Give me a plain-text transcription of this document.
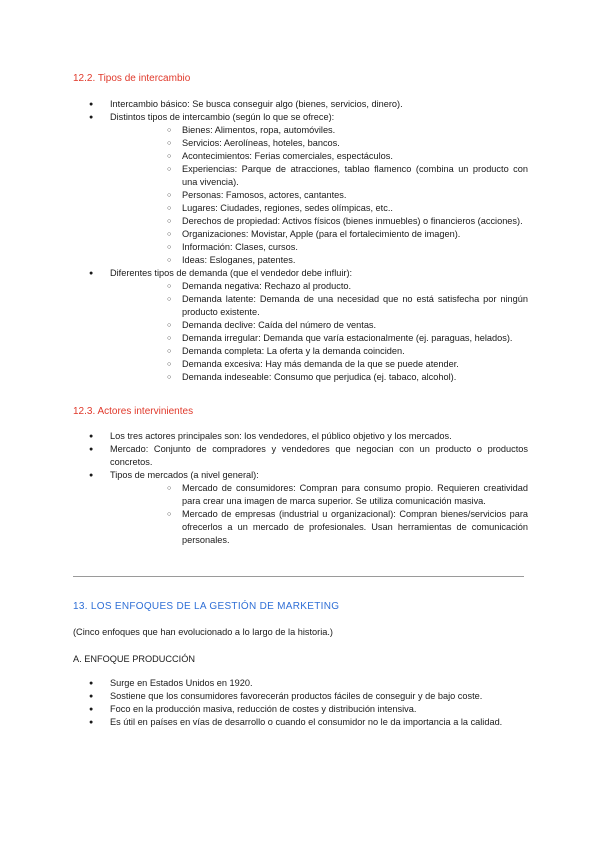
12.2. Tipos de intercambio
● Intercambio básico: Se busca conseguir algo (bienes, servicios, dinero).
● Distintos tipos de intercambio (según lo que se ofrece):
○ Bienes: Alimentos, ropa, automóviles.
○ Servicios: Aerolíneas, hoteles, bancos.
○ Acontecimientos: Ferias comerciales, espectáculos.
○ Experiencias: Parque de atracciones, tablao flamenco (combina un producto con una vivencia).
○ Personas: Famosos, actores, cantantes.
○ Lugares: Ciudades, regiones, sedes olímpicas, etc..
○ Derechos de propiedad: Activos físicos (bienes inmuebles) o financieros (acciones).
○ Organizaciones: Movistar, Apple (para el fortalecimiento de imagen).
○ Información: Clases, cursos.
○ Ideas: Esloganes, patentes.
● Diferentes tipos de demanda (que el vendedor debe influir):
○ Demanda negativa: Rechazo al producto.
○ Demanda latente: Demanda de una necesidad que no está satisfecha por ningún producto existente.
○ Demanda declive: Caída del número de ventas.
○ Demanda irregular: Demanda que varía estacionalmente (ej. paraguas, helados).
○ Demanda completa: La oferta y la demanda coinciden.
○ Demanda excesiva: Hay más demanda de la que se puede atender.
○ Demanda indeseable: Consumo que perjudica (ej. tabaco, alcohol).
12.3. Actores intervinientes
● Los tres actores principales son: los vendedores, el público objetivo y los mercados.
● Mercado: Conjunto de compradores y vendedores que negocian con un producto o productos concretos.
● Tipos de mercados (a nivel general):
○ Mercado de consumidores: Compran para consumo propio. Requieren creatividad para crear una imagen de marca superior. Se utiliza comunicación masiva.
○ Mercado de empresas (industrial u organizacional): Compran bienes/servicios para ofrecerlos a un mercado de profesionales. Usan herramientas de comunicación personales.
13. LOS ENFOQUES DE LA GESTIÓN DE MARKETING
(Cinco enfoques que han evolucionado a lo largo de la historia.)
A. ENFOQUE PRODUCCIÓN
● Surge en Estados Unidos en 1920.
● Sostiene que los consumidores favorecerán productos fáciles de conseguir y de bajo coste.
● Foco en la producción masiva, reducción de costes y distribución intensiva.
● Es útil en países en vías de desarrollo o cuando el consumidor no le da importancia a la calidad.
